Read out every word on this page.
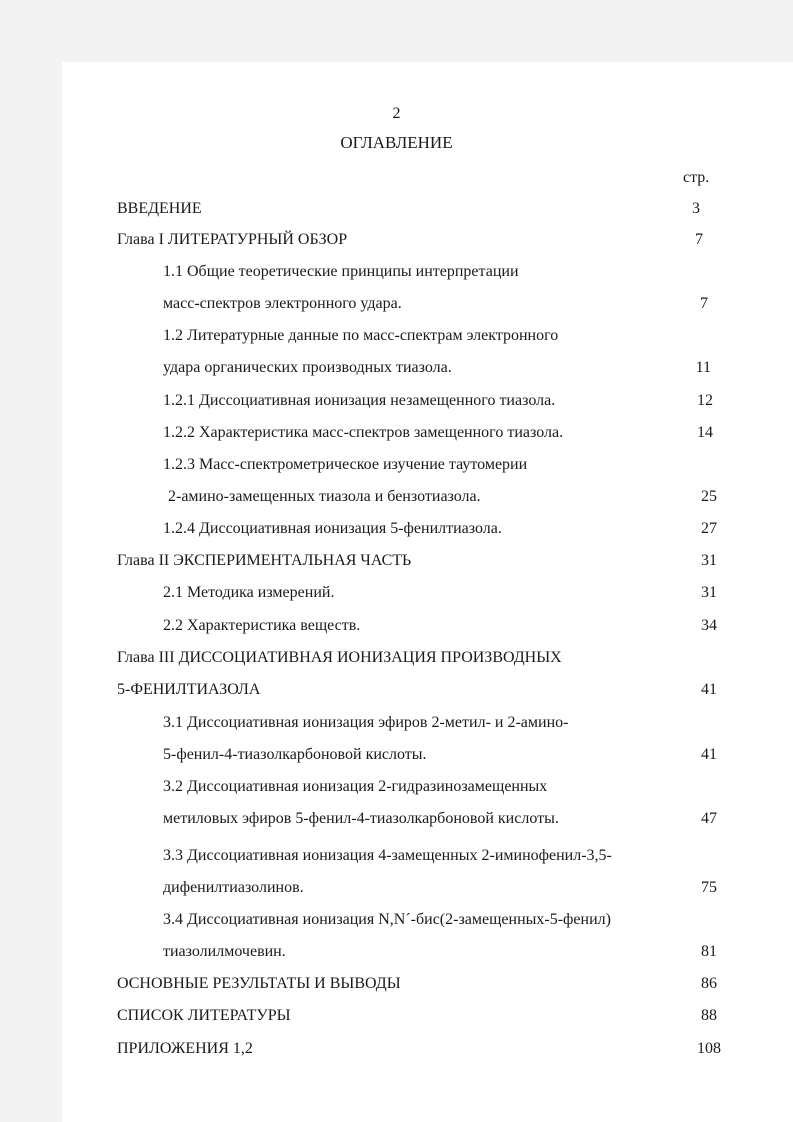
2
ОГЛАВЛЕНИЕ
стр.
ВВЕДЕНИЕ	3
Глава I ЛИТЕРАТУРНЫЙ ОБЗОР	7
1.1 Общие теоретические принципы интерпретации
масс-спектров электронного удара.	7
1.2 Литературные данные по масс-спектрам электронного
удара органических производных тиазола.	11
1.2.1 Диссоциативная ионизация незамещенного тиазола.	12
1.2.2 Характеристика масс-спектров замещенного тиазола.	14
1.2.3 Масс-спектрометрическое изучение таутомерии
2-амино-замещенных тиазола и бензотиазола.	25
1.2.4 Диссоциативная ионизация 5-фенилтиазола.	27
Глава II ЭКСПЕРИМЕНТАЛЬНАЯ ЧАСТЬ	31
2.1 Методика измерений.	31
2.2 Характеристика веществ.	34
Глава III ДИССОЦИАТИВНАЯ ИОНИЗАЦИЯ ПРОИЗВОДНЫХ
5-ФЕНИЛТИАЗОЛА	41
3.1 Диссоциативная ионизация эфиров 2-метил- и 2-амино-
5-фенил-4-тиазолкарбоновой кислоты.	41
3.2 Диссоциативная ионизация 2-гидразинозамещенных
метиловых эфиров 5-фенил-4-тиазолкарбоновой кислоты.	47
3.3 Диссоциативная ионизация 4-замещенных 2-иминофенил-3,5-
дифенилтиазолинов.	75
3.4 Диссоциативная ионизация N,N´-бис(2-замещенных-5-фенил)
тиазолилмочевин.	81
ОСНОВНЫЕ РЕЗУЛЬТАТЫ И ВЫВОДЫ	86
СПИСОК ЛИТЕРАТУРЫ	88
ПРИЛОЖЕНИЯ 1,2	108
